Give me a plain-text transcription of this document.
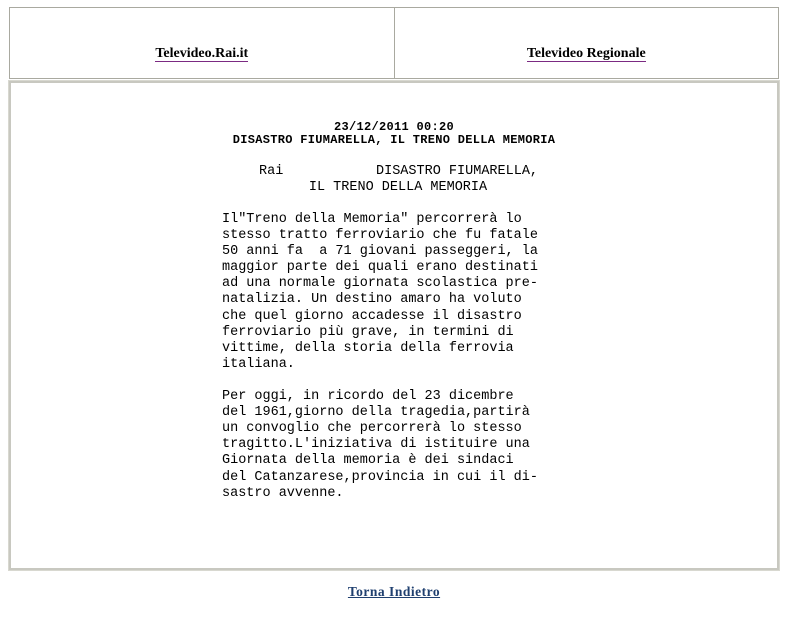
Televideo.Rai.it	Televideo Regionale
23/12/2011 00:20
DISASTRO FIUMARELLA, IL TRENO DELLA MEMORIA
Rai	DISASTRO FIUMARELLA,
IL TRENO DELLA MEMORIA
Il"Treno della Memoria" percorrerà lo
stesso tratto ferroviario che fu fatale
50 anni fa  a 71 giovani passeggeri, la
maggior parte dei quali erano destinati
ad una normale giornata scolastica pre-
natalizia. Un destino amaro ha voluto
che quel giorno accadesse il disastro
ferroviario più grave, in termini di
vittime, della storia della ferrovia
italiana.
Per oggi, in ricordo del 23 dicembre
del 1961,giorno della tragedia,partirà
un convoglio che percorrerà lo stesso
tragitto.L'iniziativa di istituire una
Giornata della memoria è dei sindaci
del Catanzarese,provincia in cui il di-
sastro avvenne.
Torna Indietro
